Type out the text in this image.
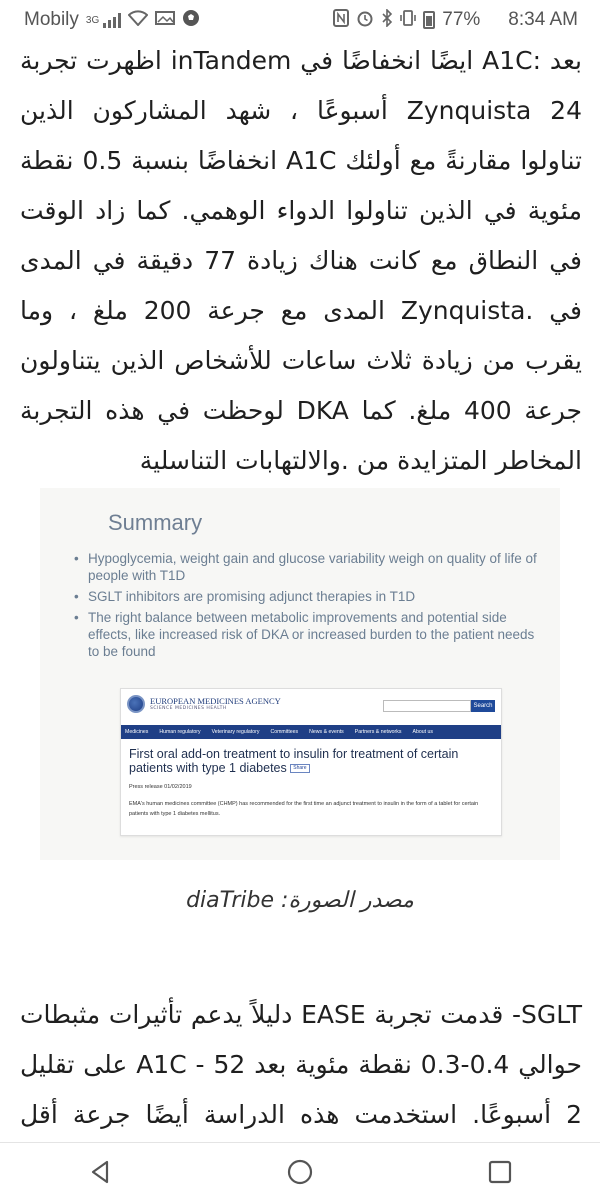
Mobily 3G	77% 8:34 AM

بعد :A1C ايضًا انخفاضًا في inTandem اظهرت تجربة Zynquista 24 أسبوعًا ، شهد المشاركون الذين تناولوا مقارنةً مع أولئك A1C انخفاضًا بنسبة 0.5 نقطة مئوية في الذين تناولوا الدواء الوهمي. كما زاد الوقت في النطاق مع كانت هناك زيادة 77 دقيقة في المدى في .Zynquista المدى مع جرعة 200 ملغ ، وما يقرب من زيادة ثلاث ساعات للأشخاص الذين يتناولون جرعة 400 ملغ. كما DKA لوحظت في هذه التجربة المخاطر المتزايدة من .والالتهابات التناسلية

Summary
• Hypoglycemia, weight gain and glucose variability weigh on quality of life of people with T1D
• SGLT inhibitors are promising adjunct therapies in T1D
• The right balance between metabolic improvements and potential side effects, like increased risk of DKA or increased burden to the patient needs to be found
EUROPEAN MEDICINES AGENCY
SCIENCE MEDICINES HEALTH	Search
Medicines Human regulatory Veterinary regulatory Committees News & events Partners & networks About us
First oral add-on treatment to insulin for treatment of certain patients with type 1 diabetes Share
Press release 01/02/2019
EMA's human medicines committee (CHMP) has recommended for the first time an adjunct treatment to insulin in the form of a tablet for certain patients with type 1 diabetes mellitus.
مصدر الصورة: diaTribe

SGLT- قدمت تجربة EASE دليلاً يدعم تأثيرات مثبطات حوالي 0.4-0.3 نقطة مئوية بعد 52 - A1C على تقليل 2 أسبوعًا. استخدمت هذه الدراسة أيضًا جرعة أقل
